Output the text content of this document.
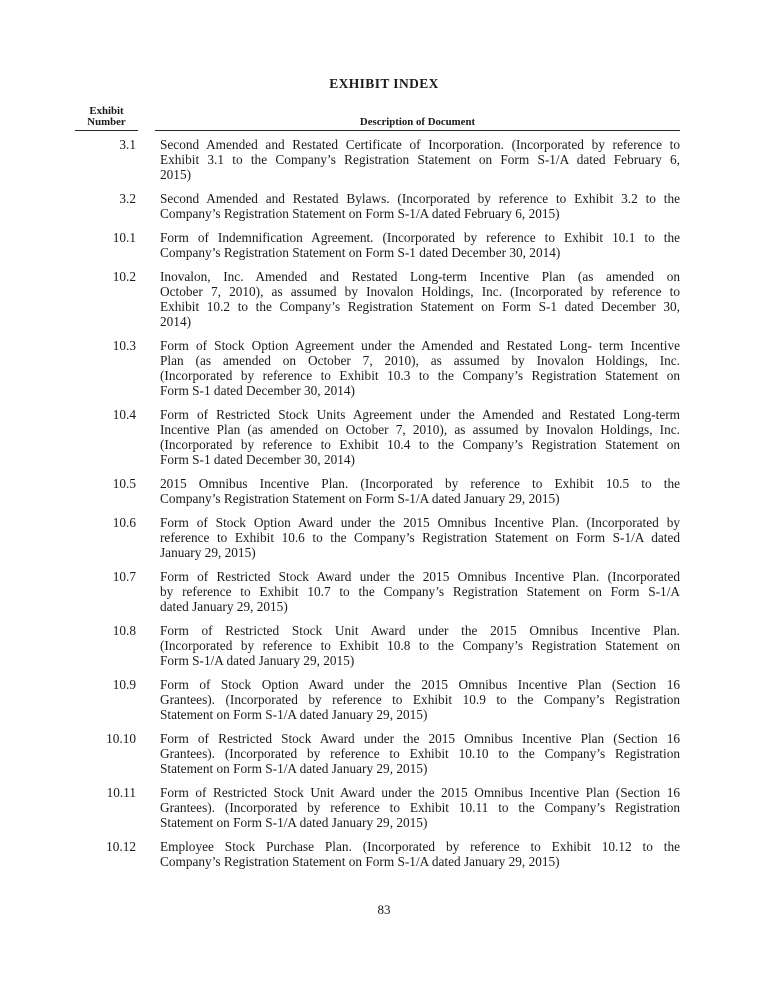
EXHIBIT INDEX
Exhibit
Number	Description of Document
3.1 Second Amended and Restated Certificate of Incorporation. (Incorporated by reference to
Exhibit 3.1 to the Company’s Registration Statement on Form S-1/A dated February 6,
2015)
3.2 Second Amended and Restated Bylaws. (Incorporated by reference to Exhibit 3.2 to the
Company’s Registration Statement on Form S-1/A dated February 6, 2015)
10.1 Form of Indemnification Agreement. (Incorporated by reference to Exhibit 10.1 to the
Company’s Registration Statement on Form S-1 dated December 30, 2014)
10.2 Inovalon, Inc. Amended and Restated Long-term Incentive Plan (as amended on
October 7, 2010), as assumed by Inovalon Holdings, Inc. (Incorporated by reference to
Exhibit 10.2 to the Company’s Registration Statement on Form S-1 dated December 30,
2014)
10.3 Form of Stock Option Agreement under the Amended and Restated Long- term Incentive
Plan (as amended on October 7, 2010), as assumed by Inovalon Holdings, Inc.
(Incorporated by reference to Exhibit 10.3 to the Company’s Registration Statement on
Form S-1 dated December 30, 2014)
10.4 Form of Restricted Stock Units Agreement under the Amended and Restated Long-term
Incentive Plan (as amended on October 7, 2010), as assumed by Inovalon Holdings, Inc.
(Incorporated by reference to Exhibit 10.4 to the Company’s Registration Statement on
Form S-1 dated December 30, 2014)
10.5 2015 Omnibus Incentive Plan. (Incorporated by reference to Exhibit 10.5 to the
Company’s Registration Statement on Form S-1/A dated January 29, 2015)
10.6 Form of Stock Option Award under the 2015 Omnibus Incentive Plan. (Incorporated by
reference to Exhibit 10.6 to the Company’s Registration Statement on Form S-1/A dated
January 29, 2015)
10.7 Form of Restricted Stock Award under the 2015 Omnibus Incentive Plan. (Incorporated
by reference to Exhibit 10.7 to the Company’s Registration Statement on Form S-1/A
dated January 29, 2015)
10.8 Form of Restricted Stock Unit Award under the 2015 Omnibus Incentive Plan.
(Incorporated by reference to Exhibit 10.8 to the Company’s Registration Statement on
Form S-1/A dated January 29, 2015)
10.9 Form of Stock Option Award under the 2015 Omnibus Incentive Plan (Section 16
Grantees). (Incorporated by reference to Exhibit 10.9 to the Company’s Registration
Statement on Form S-1/A dated January 29, 2015)
10.10 Form of Restricted Stock Award under the 2015 Omnibus Incentive Plan (Section 16
Grantees). (Incorporated by reference to Exhibit 10.10 to the Company’s Registration
Statement on Form S-1/A dated January 29, 2015)
10.11 Form of Restricted Stock Unit Award under the 2015 Omnibus Incentive Plan (Section 16
Grantees). (Incorporated by reference to Exhibit 10.11 to the Company’s Registration
Statement on Form S-1/A dated January 29, 2015)
10.12 Employee Stock Purchase Plan. (Incorporated by reference to Exhibit 10.12 to the
Company’s Registration Statement on Form S-1/A dated January 29, 2015)
83
